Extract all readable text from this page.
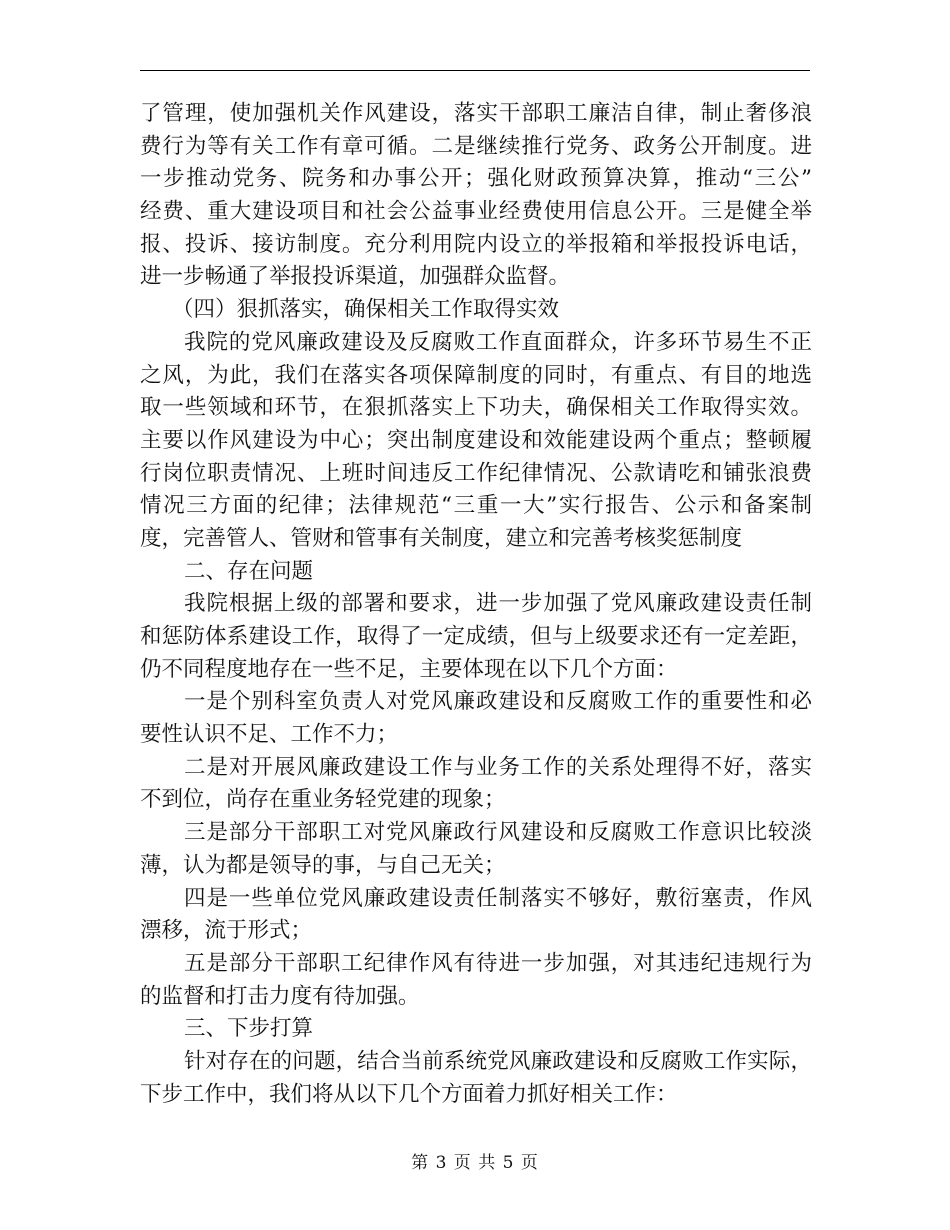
了管理，使加强机关作风建设，落实干部职工廉洁自律，制止奢侈浪
费行为等有关工作有章可循。二是继续推行党务、政务公开制度。进
一步推动党务、院务和办事公开；强化财政预算决算，推动“三公”
经费、重大建设项目和社会公益事业经费使用信息公开。三是健全举
报、投诉、接访制度。充分利用院内设立的举报箱和举报投诉电话，
进一步畅通了举报投诉渠道，加强群众监督。
（四）狠抓落实，确保相关工作取得实效
我院的党风廉政建设及反腐败工作直面群众，许多环节易生不正
之风，为此，我们在落实各项保障制度的同时，有重点、有目的地选
取一些领域和环节，在狠抓落实上下功夫，确保相关工作取得实效。
主要以作风建设为中心；突出制度建设和效能建设两个重点；整顿履
行岗位职责情况、上班时间违反工作纪律情况、公款请吃和铺张浪费
情况三方面的纪律；法律规范“三重一大”实行报告、公示和备案制
度，完善管人、管财和管事有关制度，建立和完善考核奖惩制度
二、存在问题
我院根据上级的部署和要求，进一步加强了党风廉政建设责任制
和惩防体系建设工作，取得了一定成绩，但与上级要求还有一定差距，
仍不同程度地存在一些不足，主要体现在以下几个方面：
一是个别科室负责人对党风廉政建设和反腐败工作的重要性和必
要性认识不足、工作不力；
二是对开展风廉政建设工作与业务工作的关系处理得不好，落实
不到位，尚存在重业务轻党建的现象；
三是部分干部职工对党风廉政行风建设和反腐败工作意识比较淡
薄，认为都是领导的事，与自己无关；
四是一些单位党风廉政建设责任制落实不够好，敷衍塞责，作风
漂移，流于形式；
五是部分干部职工纪律作风有待进一步加强，对其违纪违规行为
的监督和打击力度有待加强。
三、下步打算
针对存在的问题，结合当前系统党风廉政建设和反腐败工作实际，
下步工作中，我们将从以下几个方面着力抓好相关工作：
第 3 页 共 5 页
